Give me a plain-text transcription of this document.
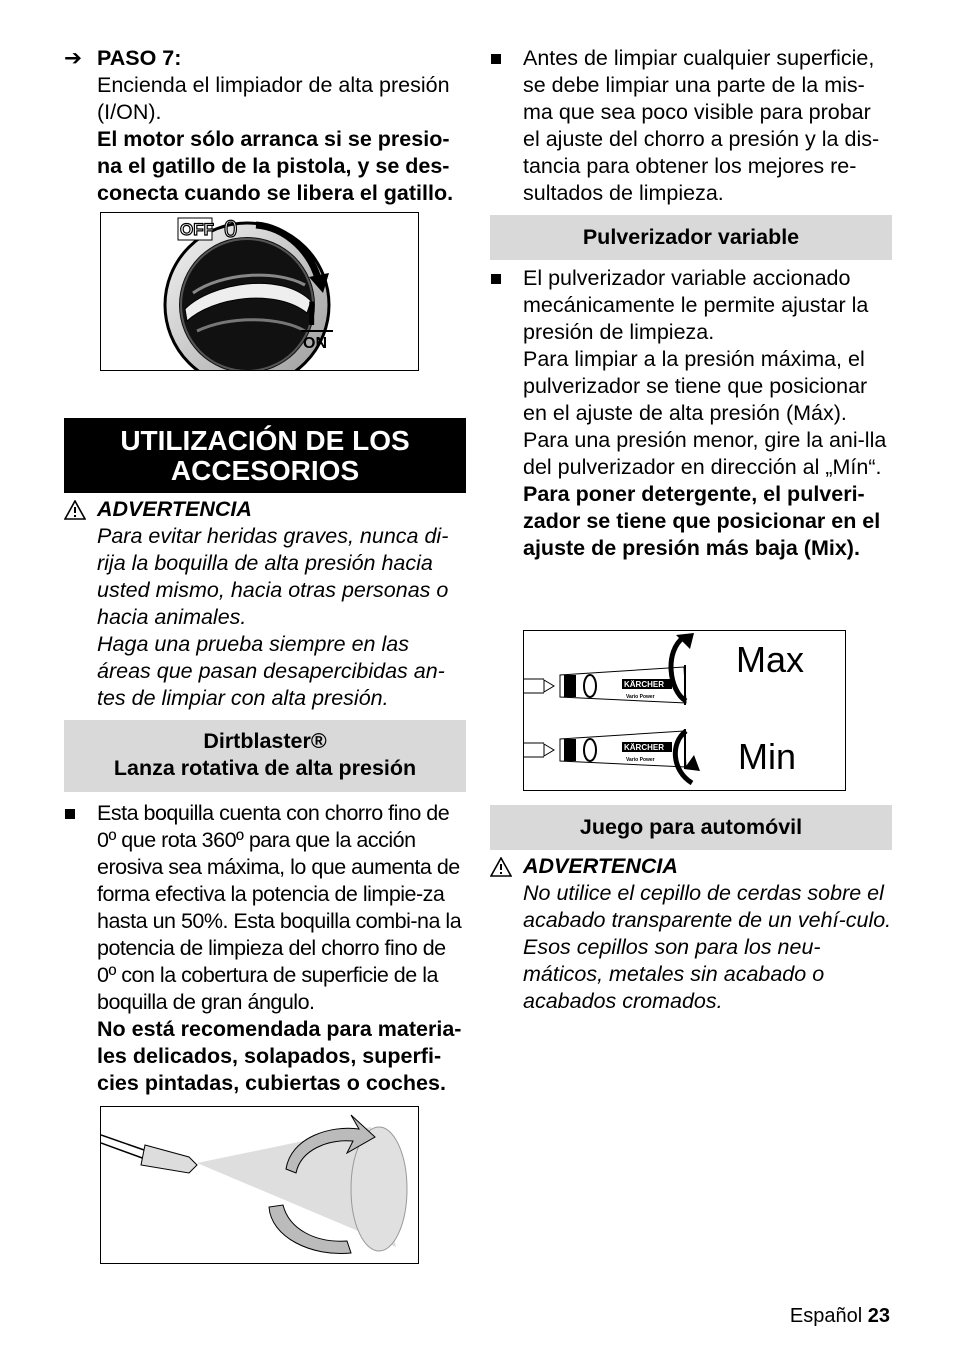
➔ PASO 7:

Encienda el limpiador de alta presión (I/ON).

El motor sólo arranca si se presio-na el gatillo de la pistola, y se des-conecta cuando se libera el gatillo.

OFF 0
I
ON
UTILIZACIÓN DE LOS
ACCESORIOS
ADVERTENCIA

Para evitar heridas graves, nunca di-rija la boquilla de alta presión hacia usted mismo, hacia otras personas o hacia animales.

Haga una prueba siempre en las áreas que pasan desapercibidas an-tes de limpiar con alta presión.

Dirtblaster®
Lanza rotativa de alta presión

Esta boquilla cuenta con chorro fino de 0º que rota 360º para que la acción erosiva sea máxima, lo que aumenta de forma efectiva la potencia de limpie-za hasta un 50%. Esta boquilla combi-na la potencia de limpieza del chorro fino de 0º con la cobertura de superficie de la boquilla de gran ángulo.

No está recomendada para materia-les delicados, solapados, superfi-cies pintadas, cubiertas o coches.

Antes de limpiar cualquier superficie, se debe limpiar una parte de la mis-ma que sea poco visible para probar el ajuste del chorro a presión y la dis-tancia para obtener los mejores re-sultados de limpieza.

Pulverizador variable

El pulverizador variable accionado mecánicamente le permite ajustar la presión de limpieza.

Para limpiar a la presión máxima, el pulverizador se tiene que posicionar en el ajuste de alta presión (Máx).

Para una presión menor, gire la ani-lla del pulverizador en dirección al „Mín“.

Para poner detergente, el pulveri-zador se tiene que posicionar en el ajuste de presión más baja (Mix).

KÄRCHER
Vario Power
Max
KÄRCHER
Vario Power Min
Juego para automóvil
ADVERTENCIA

No utilice el cepillo de cerdas sobre el acabado transparente de un vehí-culo. Esos cepillos son para los neu-máticos, metales sin acabado o acabados cromados.

Español 23
